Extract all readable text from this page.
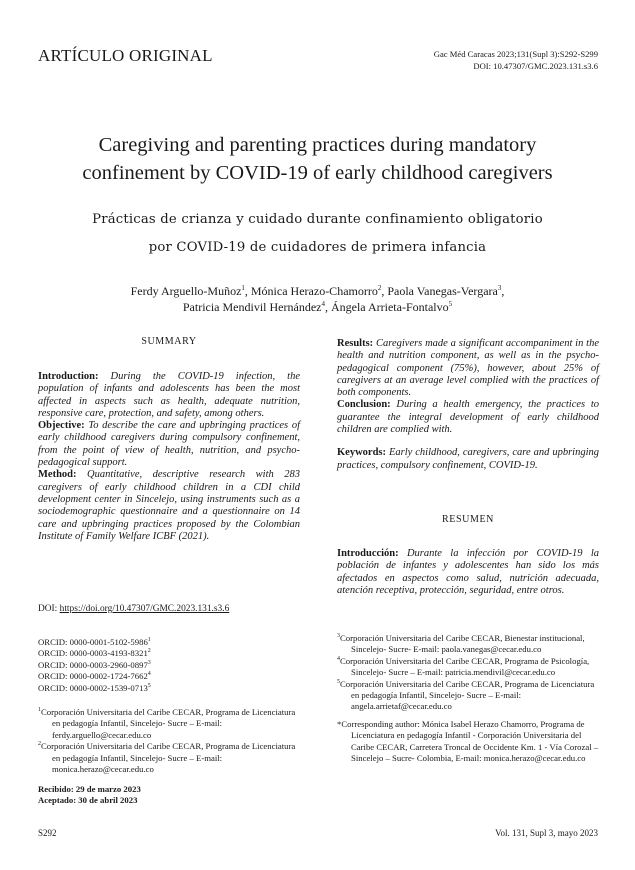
ARTÍCULO ORIGINAL	Gac Méd Caracas 2023;131(Supl 3):S292-S299
DOI: 10.47307/GMC.2023.131.s3.6
Caregiving and parenting practices during mandatory
confinement by COVID-19 of early childhood caregivers
Prácticas de crianza y cuidado durante confinamiento obligatorio
por COVID-19 de cuidadores de primera infancia
Ferdy Arguello-Muñoz$^1$, Mónica Herazo-Chamorro$^2$, Paola Vanegas-Vergara$^3$,
Patricia Mendivil Hernández$^4$, Ángela Arrieta-Fontalvo$^5$
SUMMARY
Introduction: During the COVID-19 infection, the population of infants and adolescents has been the most affected in aspects such as health, adequate nutrition, responsive care, protection, and safety, among others.
Objective: To describe the care and upbringing practices of early childhood caregivers during compulsory confinement, from the point of view of health, nutrition, and psycho-pedagogical support.
Method: Quantitative, descriptive research with 283 caregivers of early childhood children in a CDI child development center in Sincelejo, using instruments such as a sociodemographic questionnaire and a questionnaire on 14 care and upbringing practices proposed by the Colombian Institute of Family Welfare ICBF (2021).
Results: Caregivers made a significant accompaniment in the health and nutrition component, as well as in the psycho-pedagogical component (75%), however, about 25% of caregivers at an average level complied with the practices of both components.
Conclusion: During a health emergency, the practices to guarantee the integral development of early childhood children are complied with.
Keywords: Early childhood, caregivers, care and upbringing practices, compulsory confinement, COVID-19.
RESUMEN
Introducción: Durante la infección por COVID-19 la población de infantes y adolescentes han sido los más afectados en aspectos como salud, nutrición adecuada, atención receptiva, protección, seguridad, entre otros.
DOI: https://doi.org/10.47307/GMC.2023.131.s3.6
ORCID: 0000-0001-5102-5986$^1$
ORCID: 0000-0003-4193-8321$^2$
ORCID: 0000-0003-2960-0897$^3$
ORCID: 0000-0002-1724-7662$^4$
ORCID: 0000-0002-1539-0713$^5$
$^1$Corporación Universitaria del Caribe CECAR, Programa de Licenciatura en pedagogía Infantil, Sincelejo- Sucre – E-mail: ferdy.arguello@cecar.edu.co
$^2$Corporación Universitaria del Caribe CECAR, Programa de Licenciatura en pedagogía Infantil, Sincelejo- Sucre – E-mail: monica.herazo@cecar.edu.co
Recibido: 29 de marzo 2023
Aceptado: 30 de abril 2023
$^3$Corporación Universitaria del Caribe CECAR, Bienestar institucional, Sincelejo- Sucre- E-mail: paola.vanegas@cecar.edu.co
$^4$Corporación Universitaria del Caribe CECAR, Programa de Psicología, Sincelejo- Sucre – E-mail: patricia.mendivil@cecar.edu.co
$^5$Corporación Universitaria del Caribe CECAR, Programa de Licenciatura en pedagogía Infantil, Sincelejo- Sucre – E-mail: angela.arrietaf@cecar.edu.co
*Corresponding author: Mónica Isabel Herazo Chamorro, Programa de Licenciatura en pedagogía Infantil - Corporación Universitaria del Caribe CECAR, Carretera Troncal de Occidente Km. 1 - Vía Corozal – Sincelejo – Sucre- Colombia, E-mail: monica.herazo@cecar.edu.co
S292	Vol. 131, Supl 3, mayo 2023
